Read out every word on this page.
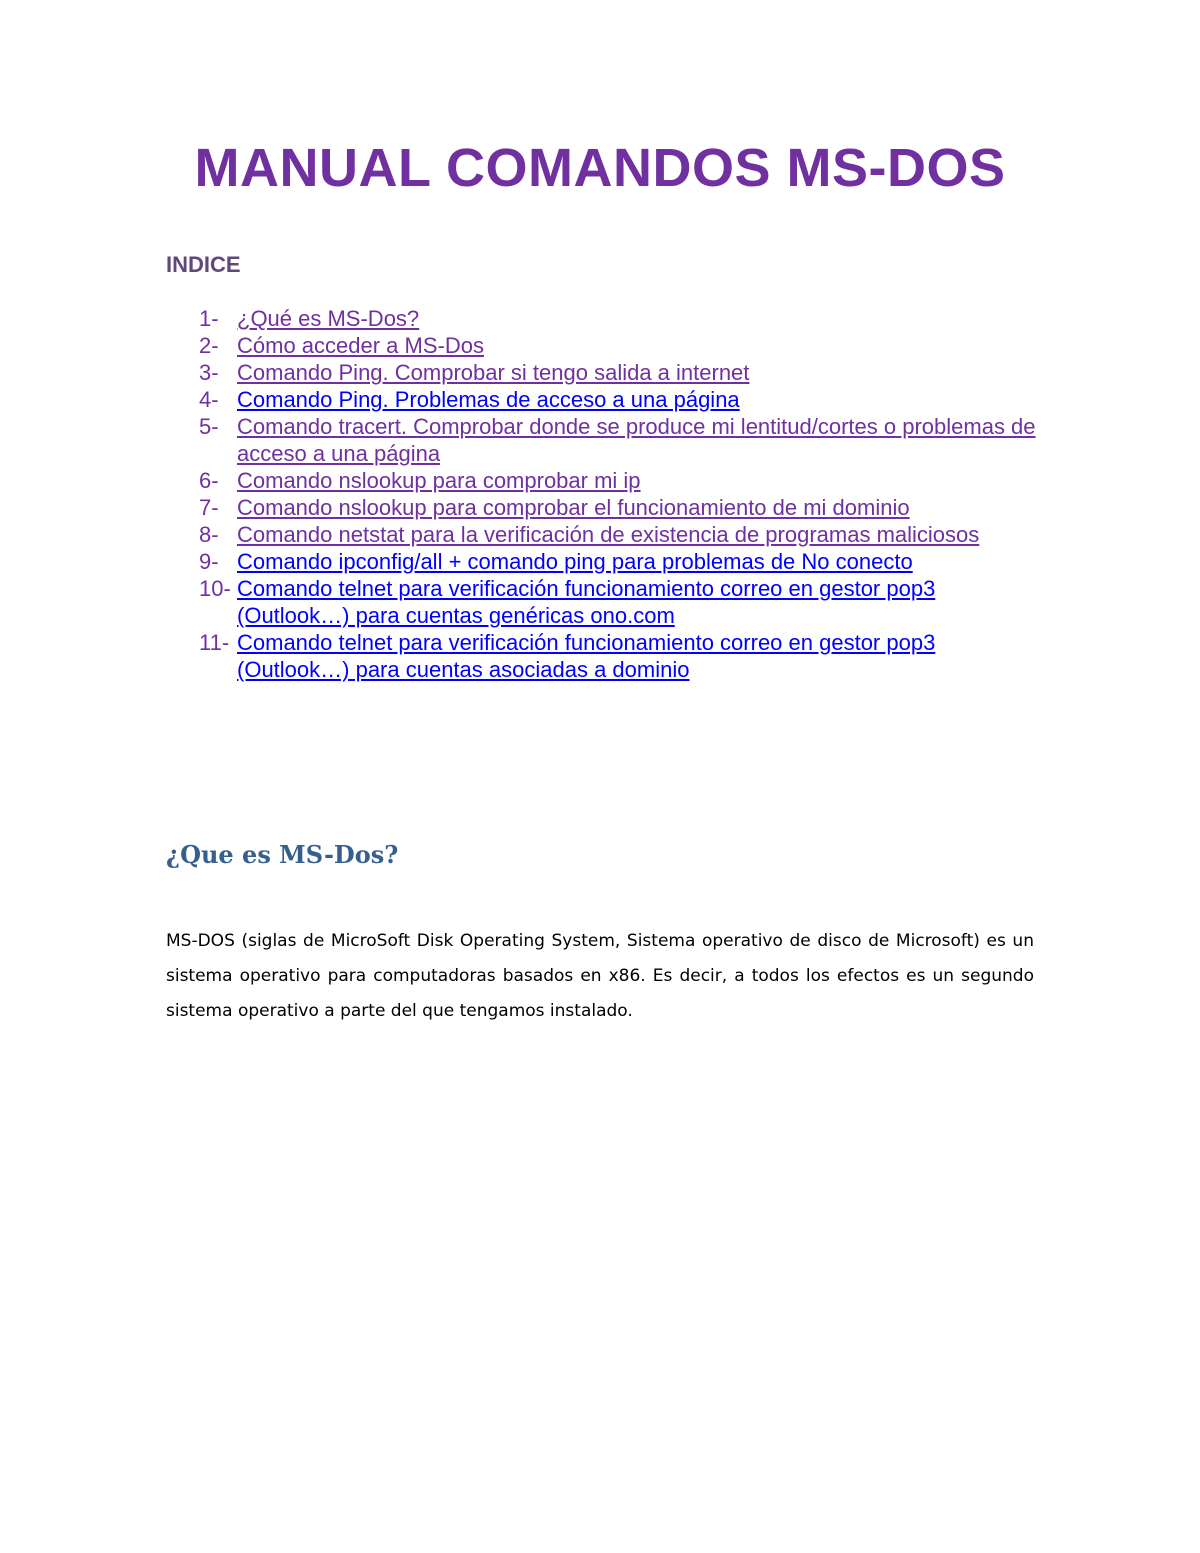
MANUAL COMANDOS MS-DOS
INDICE
1- ¿Qué es MS-Dos?
2- Cómo acceder a MS-Dos
3- Comando Ping. Comprobar si tengo salida a internet
4- Comando Ping. Problemas de acceso a una página
5- Comando tracert. Comprobar donde se produce mi lentitud/cortes o problemas de acceso a una página
6- Comando nslookup para comprobar mi ip
7- Comando nslookup para comprobar el funcionamiento de mi dominio
8- Comando netstat para la verificación de existencia de programas maliciosos
9- Comando ipconfig/all + comando ping para problemas de No conecto
10- Comando telnet para verificación funcionamiento correo en gestor pop3 (Outlook…) para cuentas genéricas ono.com
11- Comando telnet para verificación funcionamiento correo en gestor pop3 (Outlook…) para cuentas asociadas a dominio
¿Que es MS-Dos?

MS-DOS (siglas de MicroSoft Disk Operating System, Sistema operativo de disco de Microsoft) es un sistema operativo para computadoras basados en x86. Es decir, a todos los efectos es un segundo sistema operativo a parte del que tengamos instalado.
